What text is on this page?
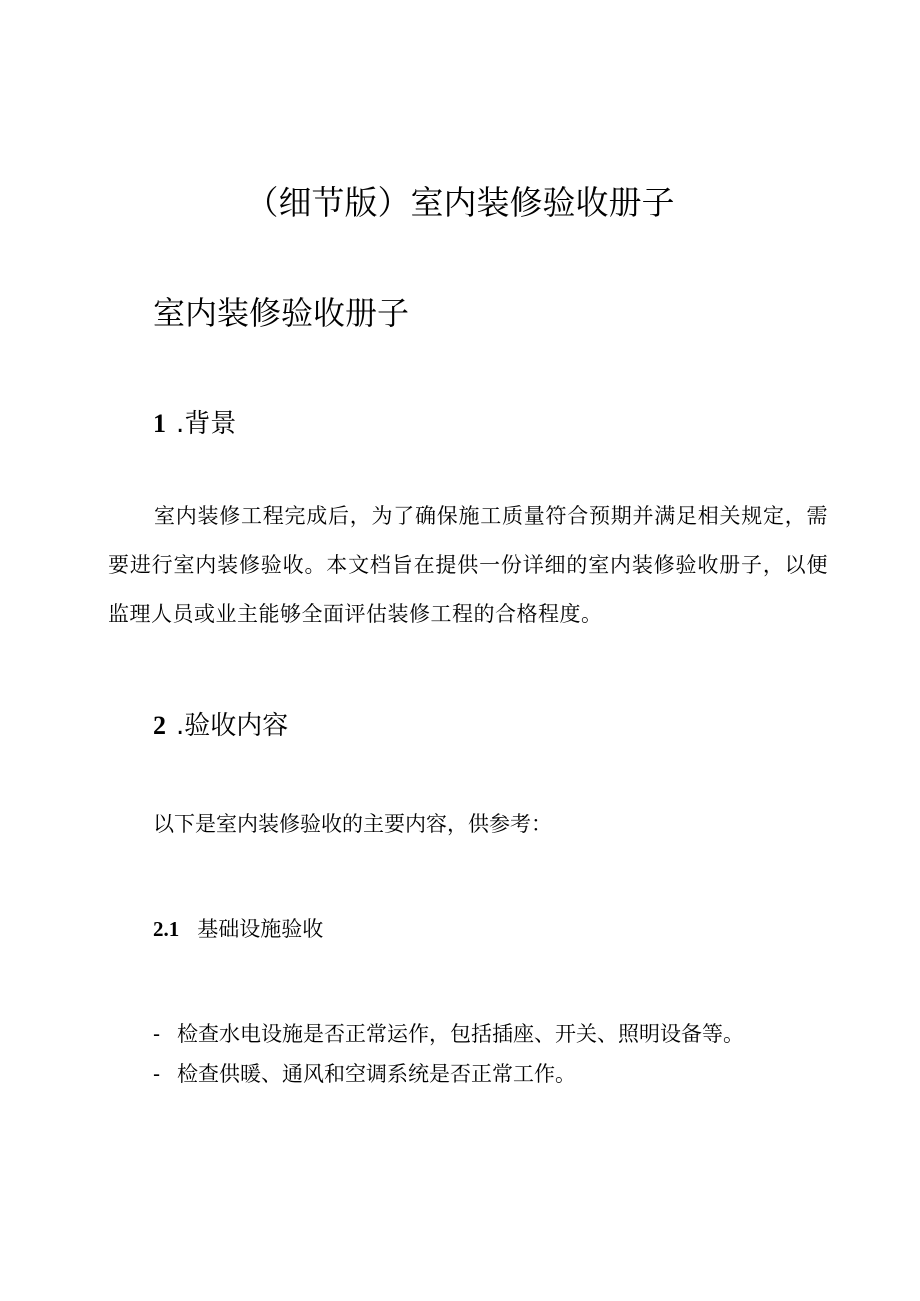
（细节版）室内装修验收册子
室内装修验收册子
1 .背景
室内装修工程完成后，为了确保施工质量符合预期并满足相关规定，需要进行室内装修验收。本文档旨在提供一份详细的室内装修验收册子，以便监理人员或业主能够全面评估装修工程的合格程度。
2 .验收内容
以下是室内装修验收的主要内容，供参考：
2.1 基础设施验收
- 检查水电设施是否正常运作，包括插座、开关、照明设备等。
- 检查供暖、通风和空调系统是否正常工作。
